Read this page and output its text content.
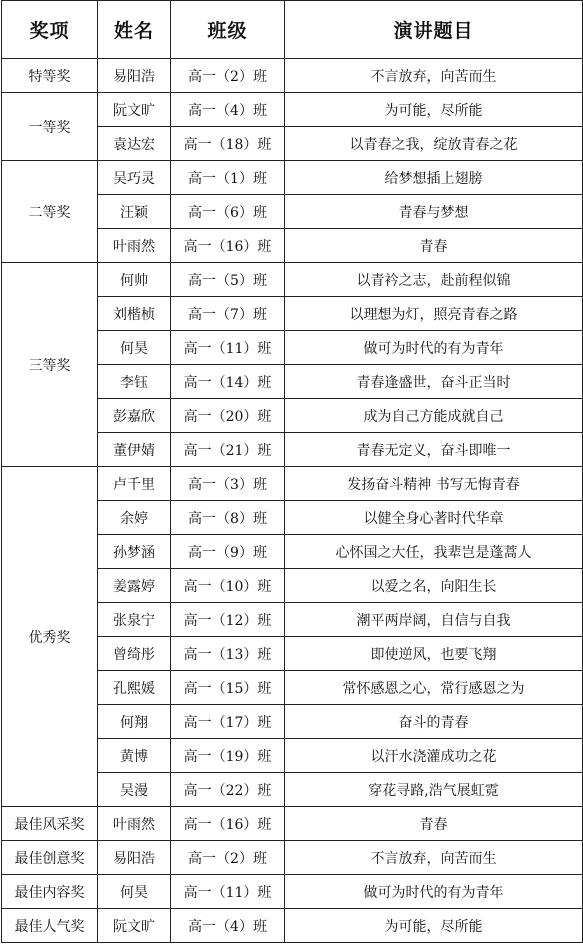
奖项	姓名	班级	演讲题目
特等奖	易阳浩	高一（2）班	不言放弃，向苦而生
一等奖	阮文旷	高一（4）班	为可能，尽所能
	袁达宏	高一（18）班	以青春之我，绽放青春之花
二等奖	吴巧灵	高一（1）班	给梦想插上翅膀
	汪颖	高一（6）班	青春与梦想
	叶雨然	高一（16）班	青春
三等奖	何帅	高一（5）班	以青衿之志，赴前程似锦
	刘楷桢	高一（7）班	以理想为灯，照亮青春之路
	何昊	高一（11）班	做可为时代的有为青年
	李钰	高一（14）班	青春逢盛世，奋斗正当时
	彭嘉欣	高一（20）班	成为自己方能成就自己
	董伊婧	高一（21）班	青春无定义，奋斗即唯一
优秀奖	卢千里	高一（3）班	发扬奋斗精神 书写无悔青春
	余婷	高一（8）班	以健全身心著时代华章
	孙梦涵	高一（9）班	心怀国之大任，我辈岂是蓬蒿人
	姜露婷	高一（10）班	以爱之名，向阳生长
	张泉宁	高一（12）班	潮平两岸阔，自信与自我
	曾绮彤	高一（13）班	即使逆风，也要飞翔
	孔熙媛	高一（15）班	常怀感恩之心，常行感恩之为
	何翔	高一（17）班	奋斗的青春
	黄博	高一（19）班	以汗水浇灌成功之花
	吴漫	高一（22）班	穿花寻路,浩气展虹霓
最佳风采奖	叶雨然	高一（16）班	青春
最佳创意奖	易阳浩	高一（2）班	不言放弃，向苦而生
最佳内容奖	何昊	高一（11）班	做可为时代的有为青年
最佳人气奖	阮文旷	高一（4）班	为可能，尽所能
